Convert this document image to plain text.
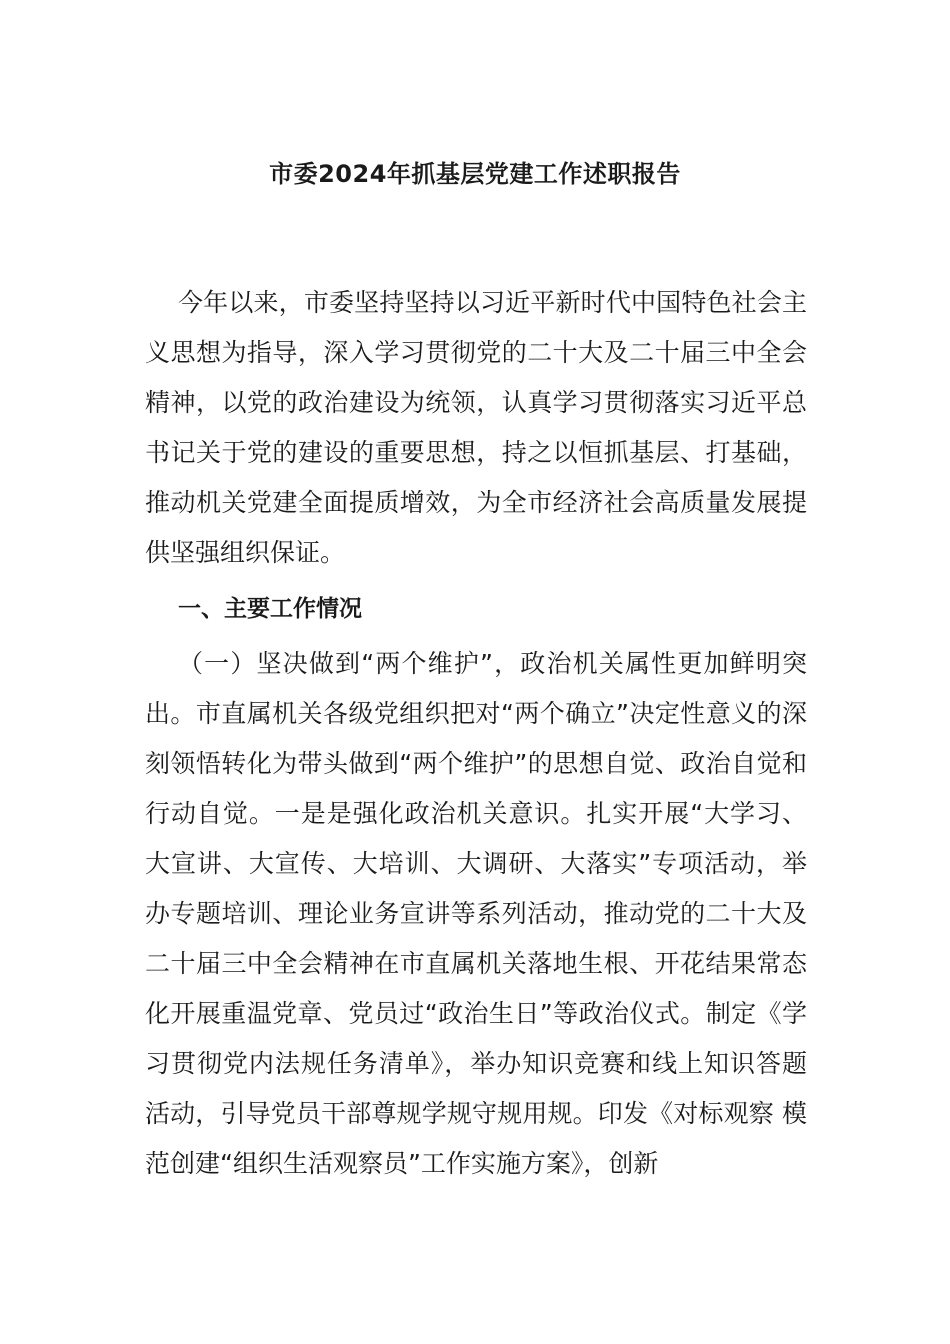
市委2024年抓基层党建工作述职报告

今年以来，市委坚持坚持以习近平新时代中国特色社会主义思想为指导，深入学习贯彻党的二十大及二十届三中全会精神，以党的政治建设为统领，认真学习贯彻落实习近平总书记关于党的建设的重要思想，持之以恒抓基层、打基础，推动机关党建全面提质增效，为全市经济社会高质量发展提供坚强组织保证。

一、主要工作情况

（一）坚决做到“两个维护”，政治机关属性更加鲜明突出。市直属机关各级党组织把对“两个确立”决定性意义的深刻领悟转化为带头做到“两个维护”的思想自觉、政治自觉和行动自觉。一是是强化政治机关意识。扎实开展“大学习、大宣讲、大宣传、大培训、大调研、大落实”专项活动，举办专题培训、理论业务宣讲等系列活动，推动党的二十大及二十届三中全会精神在市直属机关落地生根、开花结果常态化开展重温党章、党员过“政治生日”等政治仪式。制定《学习贯彻党内法规任务清单》，举办知识竞赛和线上知识答题活动，引导党员干部尊规学规守规用规。印发《对标观察 模范创建“组织生活观察员”工作实施方案》，创新
